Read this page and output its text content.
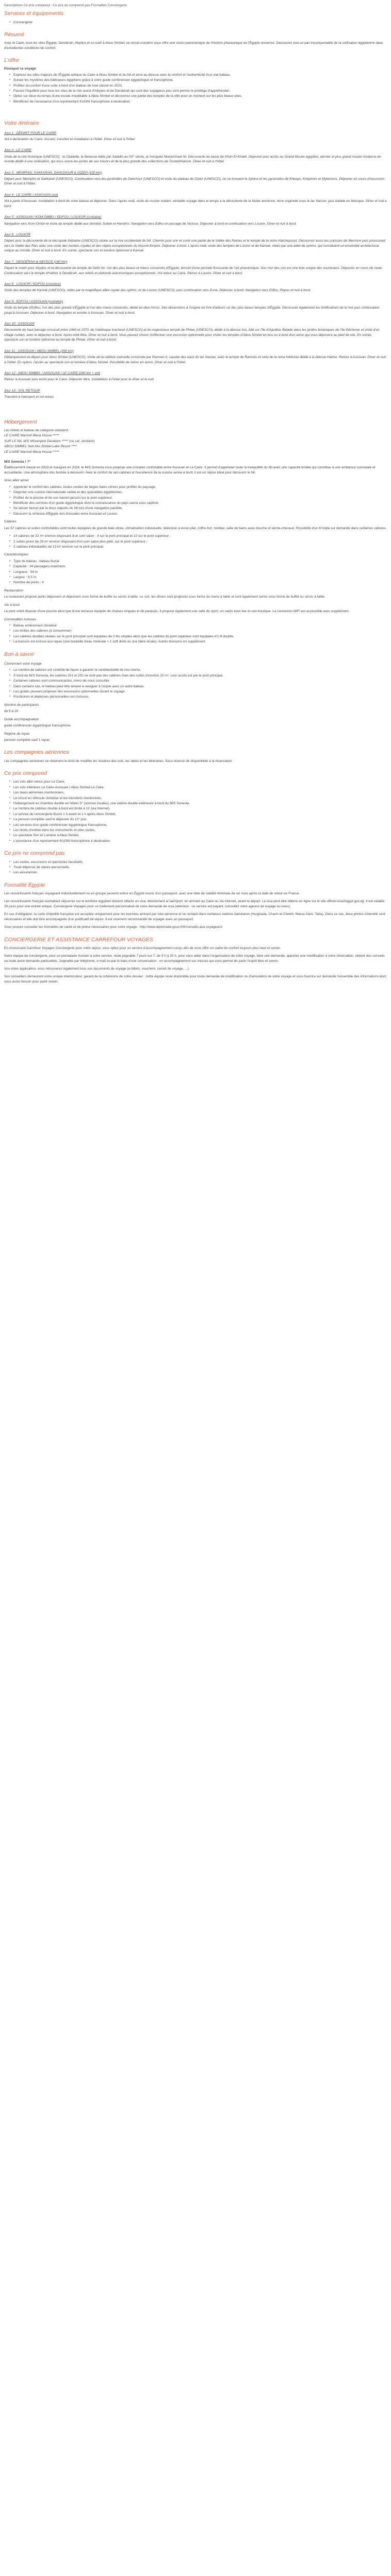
Descriptions Ce prix comprend : Ce prix ne comprend pas Formalités Conciergerie

Services et équipements
▪ Conciergerie
Résumé

Avec le Caire, tous les sites Égypte, Dendérah, Abydos et un noël à Abou Simbel, ce circuit croisière vous offre une vision panoramique de l'histoire pharaonique de l'Égypte ancienne. Découvrez tout un pan incontournable de la civilisation égyptienne dans d'excellentes conditions de confort.

L'offre

Pourquoi ce voyage

▪ Explorez les sites majeurs de l'Égypte antique du Caire à Abou Simbel et du Nil et ainsi au-dessus avec le confort et l'authenticité d'un vrai bateau.
▪ Suivez les mystères des bâtisseurs égyptiens grâce à votre guide conférencier égyptologue et francophone.
▪ Profitez du confort d'une suite à bord d'un bateau de luxe classé en 2023.
▪ Passez l'équilibre pour tous les sites de la rive ouest d'Abydos et de Dendérah qui sont des voyageurs peu sont permis le privilège d'appréhender.
▪ Optez sur deux du temps d'une escale inoubliable à Abou Simbel et découvrez une partie des temples de la ville pour un moment sur les plus beaux sites.
▪ Bénéficiez de l'assistance d'un représentant KUONI francophone à destination.
Votre itinéraire

Jour 1 : DÉPART POUR LE CAIRE

Vol à destination du Caire. Accueil, transfert et installation à l'hôtel. Dîner et nuit à l'hôtel.

Jour 2 : LE CAIRE

Visite de la cité historique (UNESCO) : la Citadelle, la fameuse bâtie par Saladin au XII° siècle, la mosquée Muhammad Ali. Découverte du bazar de Khan El-Khalili. Déjeuner puis accès au Grand Musée égyptien, dernier et plus grand musée moderne du monde dédié à une civilisation, qui vous ouvre les portes de ses trésors et de la plus grande des collections de Toutankhamon. Dîner et nuit à l'hôtel.

Jour 3 : MEMPHIS, SAKKARAH, DAHCHOUR & GIZEH (100 km)

Départ pour Memphis et Sakkarah (UNESCO). Continuation vers les pyramides de Dahchour (UNESCO) et visite du plateau de Gizeh (UNESCO), où se trouvent le Sphinx et les pyramides de Khéops, Khéphren et Mykérinos. Déjeuner en cours d'excursion. Dîner et nuit à l'hôtel.

Jour 4 : LE CAIRE / ASSOUAN (vol)

Vol à partir d'Assouan. Installation à bord de votre bateau et déjeuner. Dans l'après-midi, visite du musée nubien, véritable voyage dans le temps à la découverte de la Nubie ancienne, terre originelle sous le lac Nasser, puis balade en felouque. Dîner et nuit à bord.

Jour 5 : ASSOUAN / KOM OMBO / EDFOU / LOUXOR (croisière)

Navigation vers Kom Ombo et visite du temple dédié aux divinités Sobek et Haroëris. Navigation vers Edfou et passage de l'écluse. Déjeuner à bord et continuation vers Louxor. Dîner et nuit à bord.

Jour 6 : LOUXOR

Départ pour la découverte de la nécropole thébaine (UNESCO) située sur la rive occidentale du Nil. Chemin pour voir et sortir une partie de la Vallée des Reines et le temple de la reine Hatchepsout. Découvrez aussi les colosses de Memnon puis poursuivez vers la Vallée des Rois avec une visite des tombes royales et des objets exceptionnels du Nouvel Empire. Déjeuner à bord. L'après-midi, visite des temples de Louxor et de Karnak, reliés par une allée de sphinx, qui constituent un ensemble architectural unique au monde. Dîner et nuit à bord. En soirée, spectacle son et lumière optionnel à Karnak.

Jour 7 : DENDÉRAH & ABYDOS (180 km)

Départ le matin pour Abydos et la découverte du temple de Séthi Ier, l'un des plus beaux et mieux conservés d'Égypte, témoin d'une période florissante de l'art pharaonique. Son mur des rois est une liste unique des souverains. Déjeuner en cours de route. Continuation vers le temple d'Hathor à Dendérah, aux reliefs et plafonds astronomiques exceptionnels. Vol retour au Caire. Retour à Louxor. Dîner et nuit à bord.

Jour 8 : LOUXOR / EDFOU (croisière)

Visite des temples de Karnak (UNESCO), reliés par la magnifique allée royale des sphinx, et de Louxor (UNESCO), puis continuation vers Esna. Déjeuner à bord. Navigation vers Edfou. Repas et nuit à bord.

Jour 9 : EDFOU / ASSOUAN (croisière)

Visite du temple d'Edfou, l'un des plus grands d'Égypte et l'un des mieux conservés, dédié au dieu Horus. Ses dimensions à l'origine en font d'ailleurs un des plus beaux temples d'Égypte. Découvrez également les fortifications de la rive puis continuation jusqu'à Assouan. Déjeuner à bord. Navigation et arrivée à Assouan. Dîner et nuit à bord.

Jour 10 : ASSOUAN

Découverte du haut barrage construit entre 1960 et 1970, de l'obélisque inachevé (UNESCO) et du majestueux temple de Philae (UNESCO), dédié à la déesse Isis, bâti sur l'île d'Aguilkia. Balade dans les jardins botaniques de l'île Kitchener et visite d'un village nubien, avec le déjeuner à bord. Après-midi libre. Dîner et nuit à bord. Vous pouvez choisir d'effectuer une excursion optionnelle pour visiter les temples d'Abou Simbel en bus ou à bord d'un avion qui vous déposera au pied du site. En soirée, spectacle son et lumière optionnel au temple de Philae. Dîner et nuit à bord.

Jour 11 : ASSOUAN / ABOU SIMBEL (290 km)

Débarquement et départ pour Abou Simbel (UNESCO). Visite de la célèbre merveille construite par Ramsès II, sauvée des eaux du lac Nasser, avec le temple de Ramsès et celui de la reine Néfertari dédié à la déesse Hathor. Retour à Assouan. Dîner et nuit à l'hôtel. En option, l'accès au spectacle son et lumière d'Abou Simbel. Possibilité de retour en avion. Dîner et nuit à l'hôtel.

Jour 12 : ABOU SIMBEL / ASSOUAN / LE CAIRE (290 km + vol)

Retour à Assouan puis envol pour le Caire. Déjeuner libre. Installation à l'hôtel pour le dîner et la nuit.

Jour 13 : VOL RETOUR

Transfert à l'aéroport et vol retour.

Hébergement

Les hôtels et bateau de catégorie standard :

LE CAIRE Marriott Mena House *****

SUR LE NIL M/S Mövenpick Darakum ***** (ou cat. similaire)

ABOU SIMBEL Seti Abu Simbel Lake Resort ****

LE CAIRE Marriott Mena House *****

M/S Sonesta ! ?*

Établissement classé en 2023 et inauguré en 2024, le M/S Sonesta vous propose une croisière confortable entre Assouan et Le Caire. Il permet d'apprécier toute la tranquillité du Nil avec une capacité limitée qui contribue à une ambiance conviviale et accueillante. Une atmosphère très feutrée à découvrir. Avec le confort de ses cabines et l'excellence de la cuisine servie à bord, il est un séjour idéal pour découvrir le Nil.

Vous allez aimer

▪ Apprécier le confort des cabines, toutes ornées de larges baies vitrées pour profiter du paysage.
▪ Déguster une cuisine internationale variée et des spécialités égyptiennes.
▪ Profiter de la piscine et de son bassin-jacuzzi sur le pont supérieur.
▪ Bénéficier des services d'un guide égyptologue dont la connaissance du pays saura vous captiver.
▪ Se laisser bercer par le doux clapotis du Nil lors d'une navigation paisible.
▪ Découvrir la richesse d'Égypte lors d'escales entre Assouan et Louxor.

Cabines

Les 57 cabines et suites confortables sont toutes équipées de grande baie vitrée, climatisation individuelle, télévision à écran plat, coffre-fort, minibar, salle de bains avec douche et sèche-cheveux. Possibilité d'un lit triple sur demande dans certaines cabines.

▪ 14 cabines de 32 m² environ disposant d'un coin salon : 4 sur le pont principal et 10 sur le pont supérieur ;
▪ 2 suites junior de 29 m² environ disposant d'un coin salon plus petit, sur le pont supérieur ;
▪ 2 cabines individuelles de 13 m² environ sur le pont principal.

Caractéristiques

▪ Type de bateau : bateau fluvial
▪ Capacité : 34 passagers maximum
▪ Longueur : 54 m
▪ Largeur : 9.5 m
▪ Nombre de ponts : 4

Restauration

Le restaurant propose petits déjeuners et déjeuners sous forme de buffet ou servis à table. Le soir, les dîners sont proposés sous forme de menu à table et sont également servis sous forme de buffet ou servis à table.

Vie à bord

Le pont soleil dispose d'une piscine ainsi que d'une terrasse équipée de chaises longues et de parasols. Il propose également une salle de sport, un salon avec bar et une boutique. La connexion WiFi est accessible avec supplément.

Commodités incluses

▪ Bateau entièrement climatisé
▪ Les limites des cabines (à consommer)
▪ Les cabines doubles situées sur le pont principal sont équipées de 2 lits simples alors que les cabines du pont supérieur sont équipées d'1 lit double.
▪ La boisson est incluse aux repas (une bouteille d'eau minérale + 1 soft drink ou une bière locale). Autres boissons en supplément.
Bon à savoir

Concernant votre voyage

▪ Le nombre de cabines est contrôlé de façon à garantir la confidentialité de nos clients.
▪ À bord du M/S Sonesta, les cabines 201 et 202 ne sont pas des cabines mais des suites d'environ 33 m². Leur accès est par le pont principal.
▪ Certaines cabines sont communicantes, merci de nous consulter.
▪ Dans certains cas, le bateau peut être amené à naviguer à couple avec un autre bateau.
▪ Les guides peuvent proposer des excursions optionnelles durant le voyage.
▪ Pourboires et dépenses personnelles non incluses.

Nombre de participants

de 6 à 16

Guide accompagnateur

guide conférencier égyptologue francophone.

Régime de repas

pension complète sauf 1 repas

Les compagnies aériennes

Les compagnies aériennes se réservent le droit de modifier les horaires des vols, les dates et les itinéraires. Sous réserve de disponibilité à la réservation.

Ce prix comprend
▪ Les vols aller-retour pour Le Caire,
▪ Les vols intérieurs Le Caire-Assouan / Abou Simbel-Le Caire,
▪ Les taxes aériennes mentionnées,
▪ Le circuit en véhicule climatisé et les transferts mentionnés,
▪ l'hébergement en chambre double en hôtels 5* (normes locales), une cabine double extérieure à bord du M/S Sonesta,
▪ Le nombre de cabines double à bord est limité à 12 (via Internet),
▪ Le service de conciergerie Kuoni 1 h avant et 1 h après Abou Simbel,
▪ La pension complète sauf le déjeuner du 12° jour,
▪ Les services d'un guide conférencier égyptologue francophone,
▪ Les droits d'entrée dans les monuments et sites visités,
▪ Le spectacle Son et Lumière à Abou Simbel,
▪ L'assistance d'un représentant KUONI francophone à destination.
Ce prix ne comprend pas
▪ Les visites, excursions et spectacles facultatifs,
▪ Toute dépense de nature personnelle,
▪ Les assurances.
Formalité Égypte

Les ressortissants français voyageant individuellement ou en groupe peuvent entrer en Égypte munis d'un passeport, avec une date de validité minimale de six mois après la date de retour en France.

Les ressortissants français souhaitant séjourner sur le territoire égyptien doivent obtenir un visa, directement à l'aéroport, en arrivant au Caire ou via Internet, avant le départ. Le visa peut être obtenu en ligne sur le site officiel visa2egypt.gov.eg. Il est valable 30 jours pour une entrée unique. Conciergerie Voyages pour un traitement personnalisé de votre demande de visa (attention : ce service est payant, consultez votre agence de voyage ou nous).

En cas d'obligation, la carte d'identité française est acceptée uniquement pour les touristes arrivant par voie aérienne et se rendant dans certaines stations balnéaires (Hurghada, Charm el-Cheikh, Marsa Alam, Taba). Dans ce cas, deux photos d'identité sont nécessaires et elle doit être accompagnée d'un justificatif de séjour. Il est vivement recommandé de voyager avec un passeport.

Vous pouvez consulter les formalités de santé et de police nécessaires pour votre voyage : http://www.diplomatie.gouv.fr/fr/conseils-aux-voyageurs/

CONCIERGERIE ET ASSISTANCE CARREFOUR VOYAGES

En choisissant Carrefour Voyages Conciergerie pour votre séjour, vous optez pour un service d'accompagnement conçu afin de vous offrir un cadre de confort toujours plus haut et serein.

Notre équipe de conciergerie, pour un prestataire humain à votre service, reste joignable 7 jours sur 7, de 9 h à 20 h, pour vous aider dans l'organisation de votre voyage, faire une demande, apporter une modification à votre réservation, obtenir des conseils ou toute autre demande particulière. Joignable par téléphone, e-mail ou par le biais d'une conversation : un accompagnement sur mesure qui vous permet de partir l'esprit libre et serein.

Vos votes application, vous retrouverez également tous vos documents de voyage (e-billets, vouchers, carnet de voyage, ...).

Vos conseillers demeurent votre unique interlocuteur, garant de la cohérence de votre dossier : notre équipe reste disponible pour toute demande de modification ou d'annulation de votre voyage et vous fournira sur demande l'ensemble des informations dont vous aurez besoin pour partir serein.
